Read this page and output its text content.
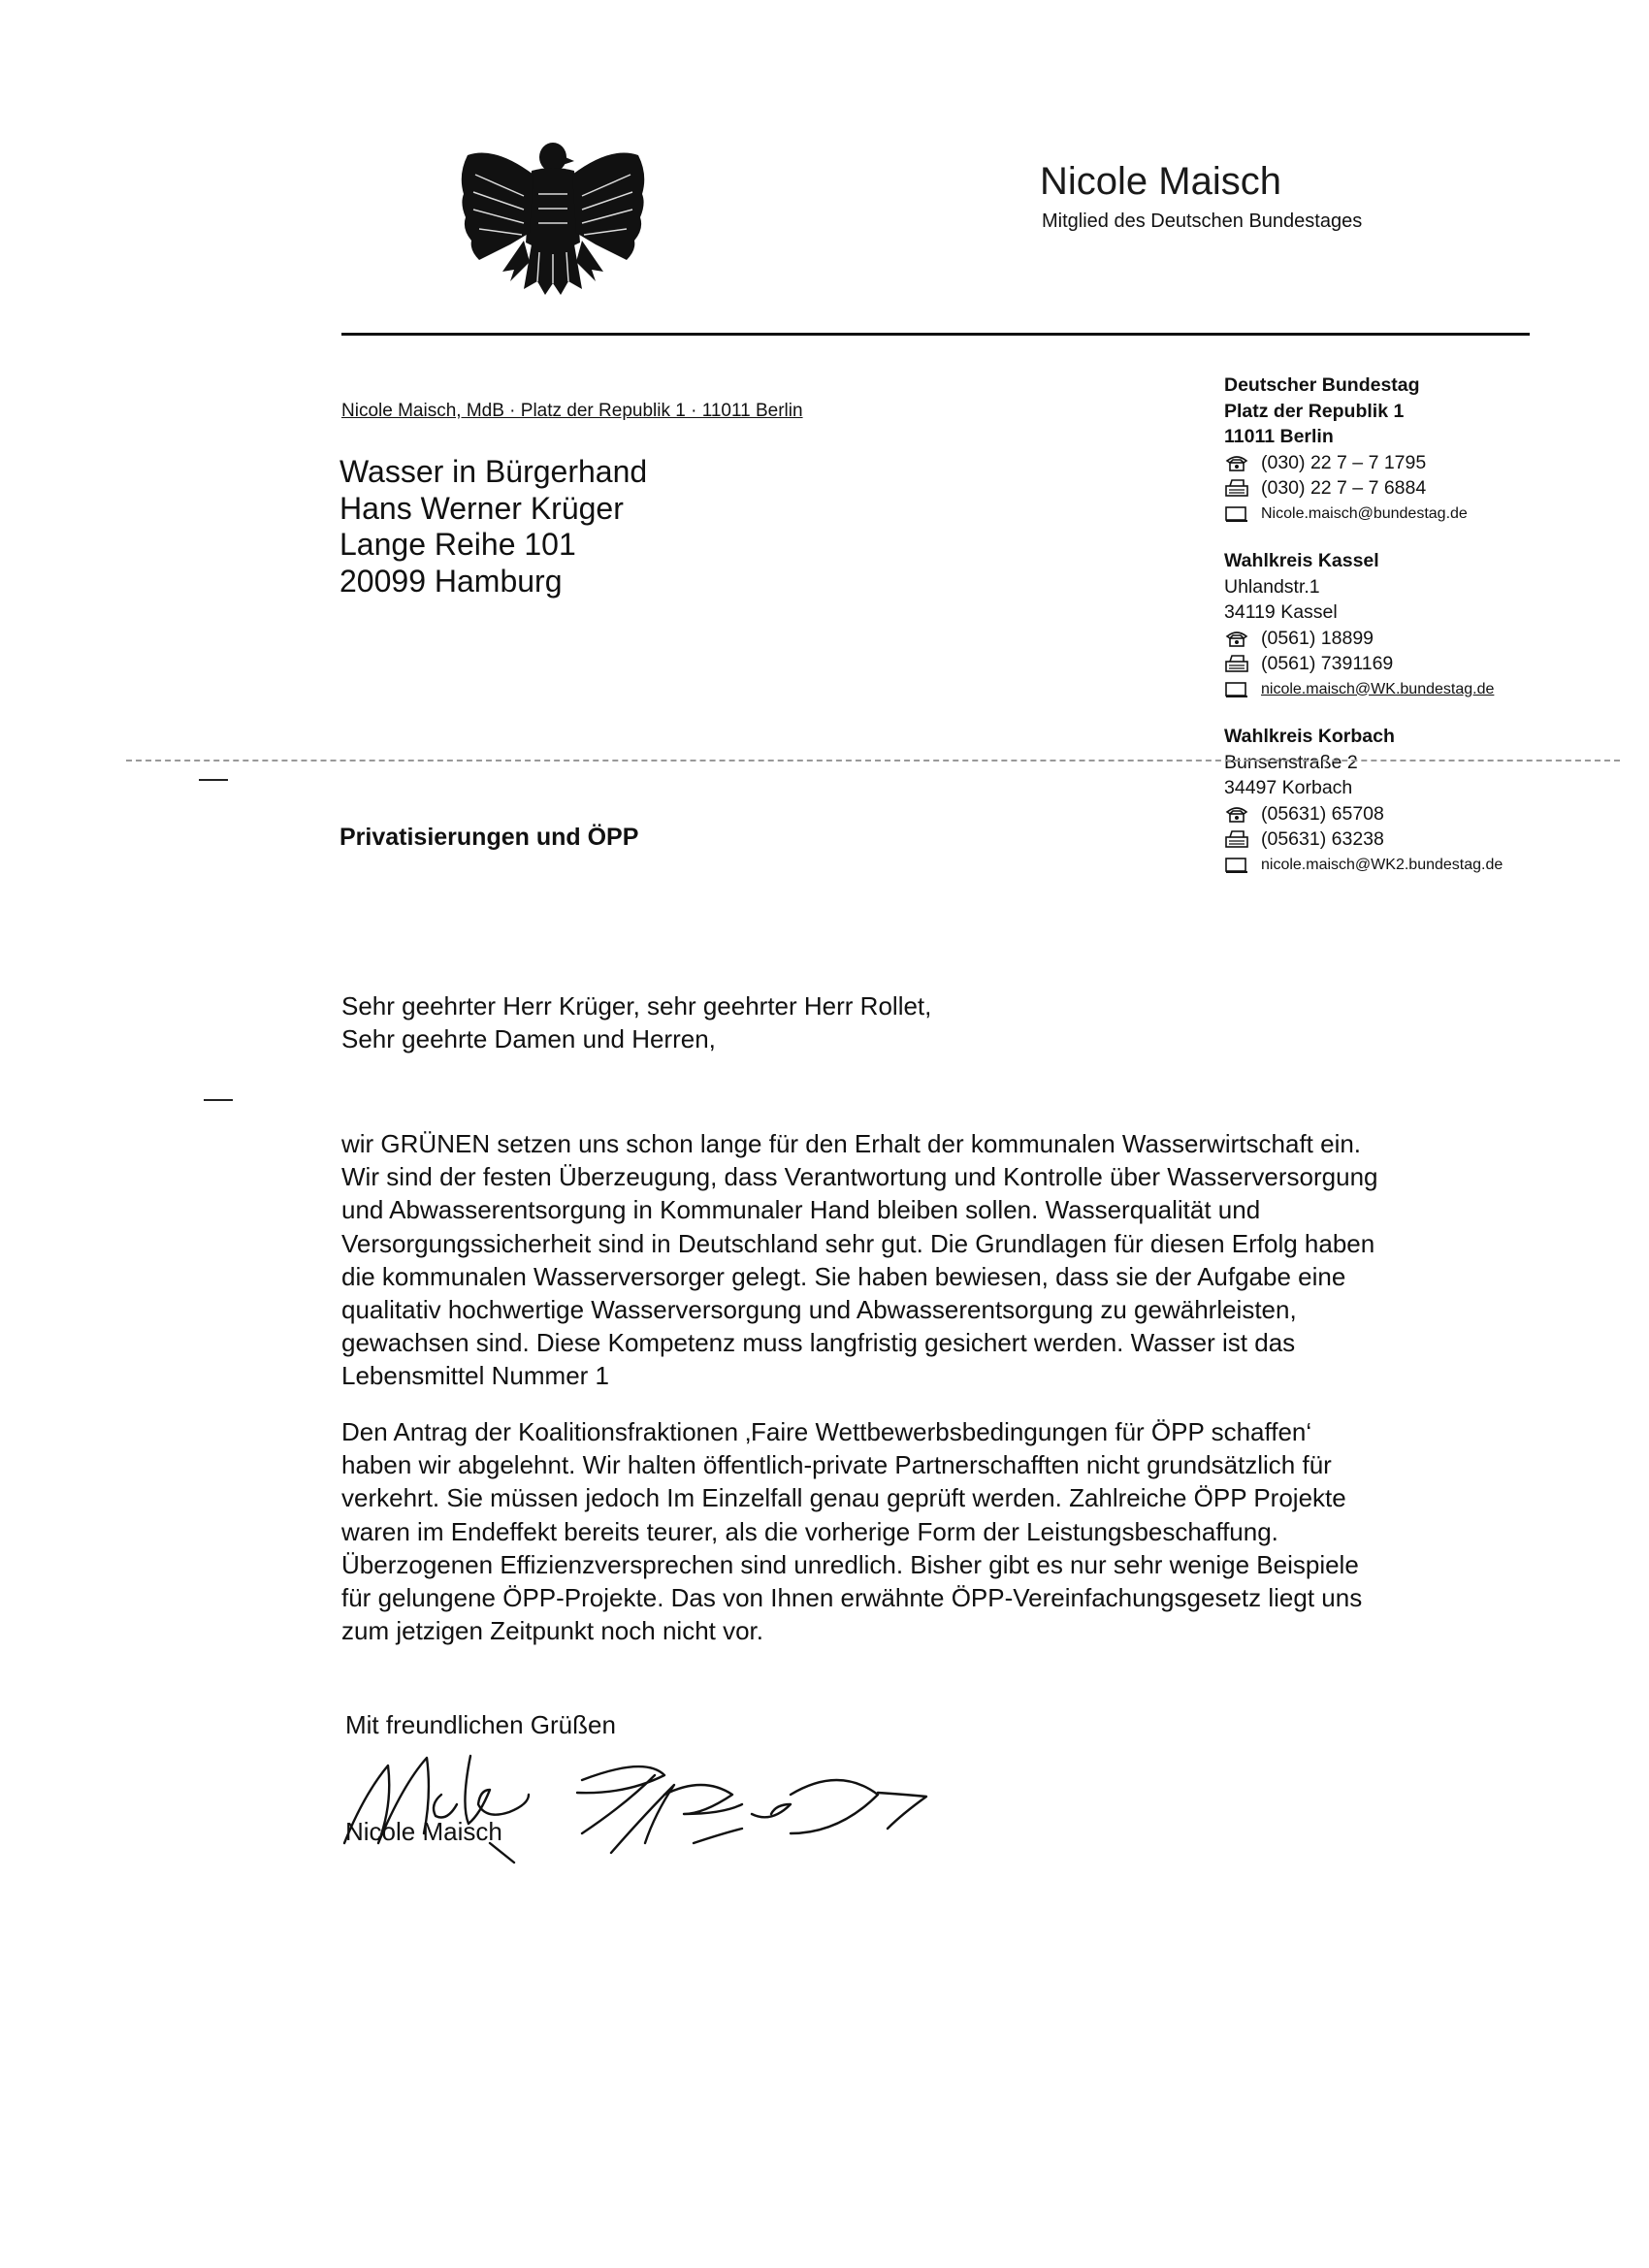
Nicole Maisch
Mitglied des Deutschen Bundestages
Nicole Maisch, MdB · Platz der Republik 1 · 11011 Berlin
Wasser in Bürgerhand
Hans Werner Krüger
Lange Reihe 101
20099 Hamburg
Deutscher Bundestag
Platz der Republik 1
11011 Berlin
(030) 22 7 – 7 1795
(030) 22 7 – 7 6884
Nicole.maisch@bundestag.de
Wahlkreis Kassel
Uhlandstr.1
34119 Kassel
(0561) 18899
(0561) 7391169
nicole.maisch@WK.bundestag.de
Wahlkreis Korbach
Bunsenstraße 2
34497 Korbach
(05631) 65708
(05631) 63238
nicole.maisch@WK2.bundestag.de
Privatisierungen und ÖPP
Sehr geehrter Herr Krüger, sehr geehrter Herr Rollet,
Sehr geehrte Damen und Herren,
wir GRÜNEN setzen uns schon lange für den Erhalt der kommunalen Wasserwirtschaft ein.
Wir sind der festen Überzeugung, dass Verantwortung und Kontrolle über Wasserversorgung
und Abwasserentsorgung in Kommunaler Hand bleiben sollen. Wasserqualität und
Versorgungssicherheit sind in Deutschland sehr gut. Die Grundlagen für diesen Erfolg haben
die kommunalen Wasserversorger gelegt. Sie haben bewiesen, dass sie der Aufgabe eine
qualitativ hochwertige Wasserversorgung und Abwasserentsorgung zu gewährleisten,
gewachsen sind. Diese Kompetenz muss langfristig gesichert werden. Wasser ist das
Lebensmittel Nummer 1
Den Antrag der Koalitionsfraktionen ‚Faire Wettbewerbsbedingungen für ÖPP schaffen‘
haben wir abgelehnt. Wir halten öffentlich-private Partnerschafften nicht grundsätzlich für
verkehrt. Sie müssen jedoch Im Einzelfall genau geprüft werden. Zahlreiche ÖPP Projekte
waren im Endeffekt bereits teurer, als die vorherige Form der Leistungsbeschaffung.
Überzogenen Effizienzversprechen sind unredlich. Bisher gibt es nur sehr wenige Beispiele
für gelungene ÖPP-Projekte. Das von Ihnen erwähnte ÖPP-Vereinfachungsgesetz liegt uns
zum jetzigen Zeitpunkt noch nicht vor.
Mit freundlichen Grüßen
Nicole Maisch
